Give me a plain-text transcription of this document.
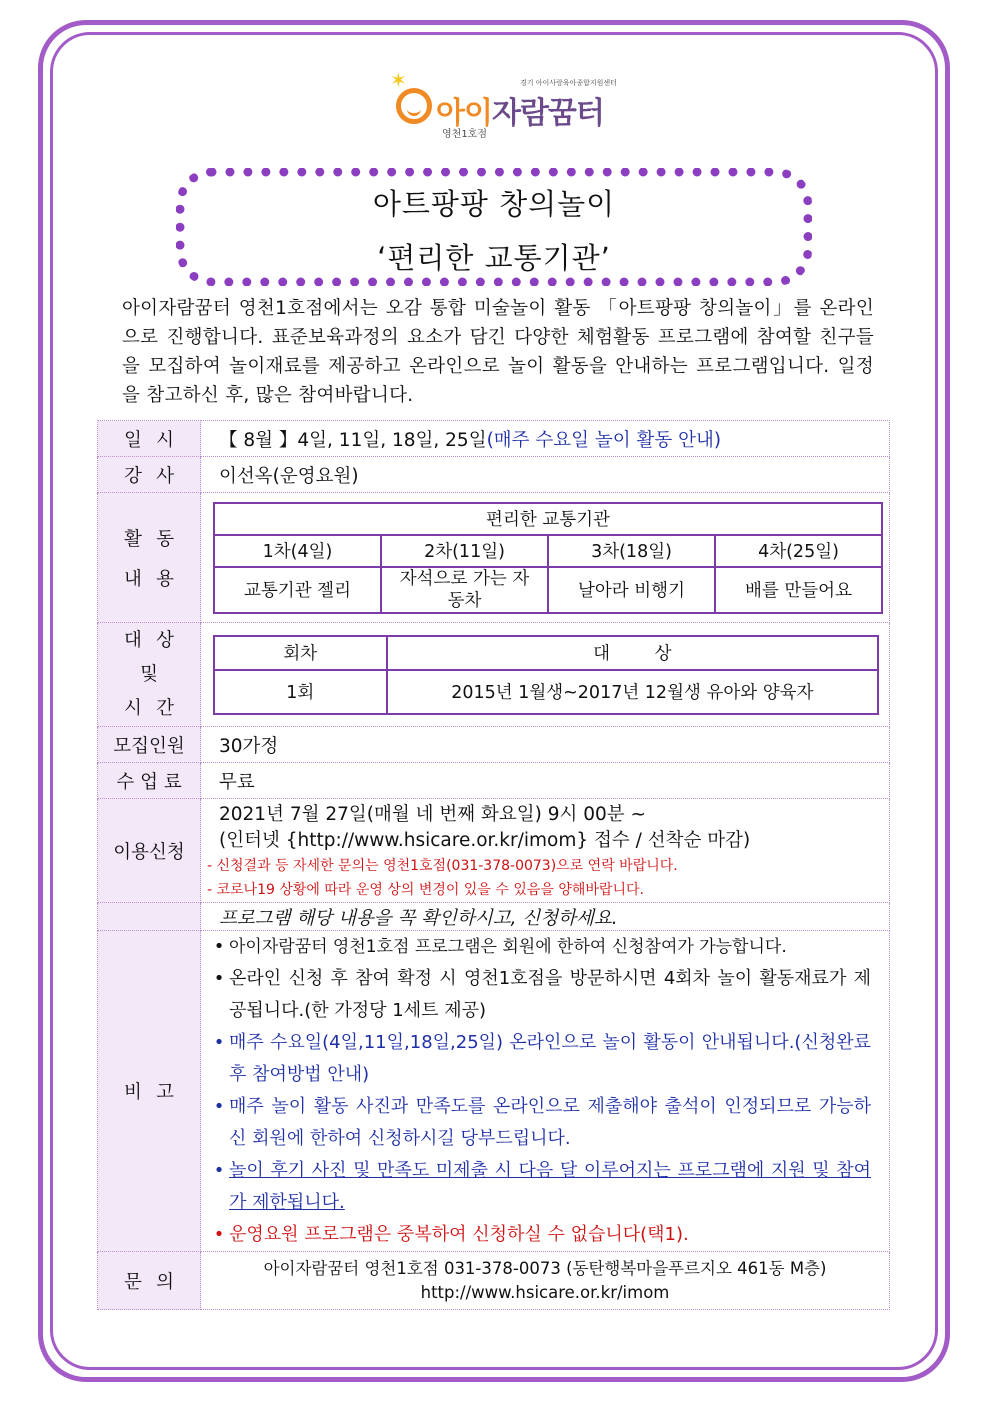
✶	경기 아이사랑육아종합지원센터
아이자람꿈터
영천1호점
아트팡팡 창의놀이
‘편리한 교통기관’
아이자람꿈터 영천1호점에서는 오감 통합 미술놀이 활동 「아트팡팡 창의놀이」를 온라인으로 진행합니다. 표준보육과정의 요소가 담긴 다양한 체험활동 프로그램에 참여할 친구들을 모집하여 놀이재료를 제공하고 온라인으로 놀이 활동을 안내하는 프로그램입니다. 일정을 참고하신 후, 많은 참여바랍니다.
일 시	【 8월 】4일, 11일, 18일, 25일(매주 수요일 놀이 활동 안내)

강 사	이선옥(운영요원)

활 동
내 용

편리한 교통기관
1차(4일)	2차(11일)	3차(18일)	4차(25일)
교통기관 젤리	자석으로 가는 자동차	날아라 비행기	배를 만들어요

대 상
및
시 간

회차	대        상
1회	2015년 1월생~2017년 12월생 유아와 양육자

모집인원	30가정
수 업 료	무료
이용신청	
2021년 7월 27일(매월 네 번째 화요일) 9시 00분 ~
(인터넷 {http://www.hsicare.or.kr/imom} 접수 / 선착순 마감)
- 신청결과 등 자세한 문의는 영천1호점(031-378-0073)으로 연락 바랍니다.
- 코로나19 상황에 따라 운영 상의 변경이 있을 수 있음을 양해바랍니다.

	프로그램 해당 내용을 꼭 확인하시고, 신청하세요.

비 고

• 아이자람꿈터 영천1호점 프로그램은 회원에 한하여 신청참여가 가능합니다.
• 온라인 신청 후 참여 확정 시 영천1호점을 방문하시면 4회차 놀이 활동재료가 제공됩니다.(한 가정당 1세트 제공)
• 매주 수요일(4일,11일,18일,25일) 온라인으로 놀이 활동이 안내됩니다.(신청완료 후 참여방법 안내)
• 매주 놀이 활동 사진과 만족도를 온라인으로 제출해야 출석이 인정되므로 가능하신 회원에 한하여 신청하시길 당부드립니다.
• 놀이 후기 사진 및 만족도 미제출 시 다음 달 이루어지는 프로그램에 지원 및 참여가 제한됩니다.
• 운영요원 프로그램은 중복하여 신청하실 수 없습니다(택1).

문 의

아이자람꿈터 영천1호점 031-378-0073 (동탄행복마을푸르지오 461동 M층)
http://www.hsicare.or.kr/imom
